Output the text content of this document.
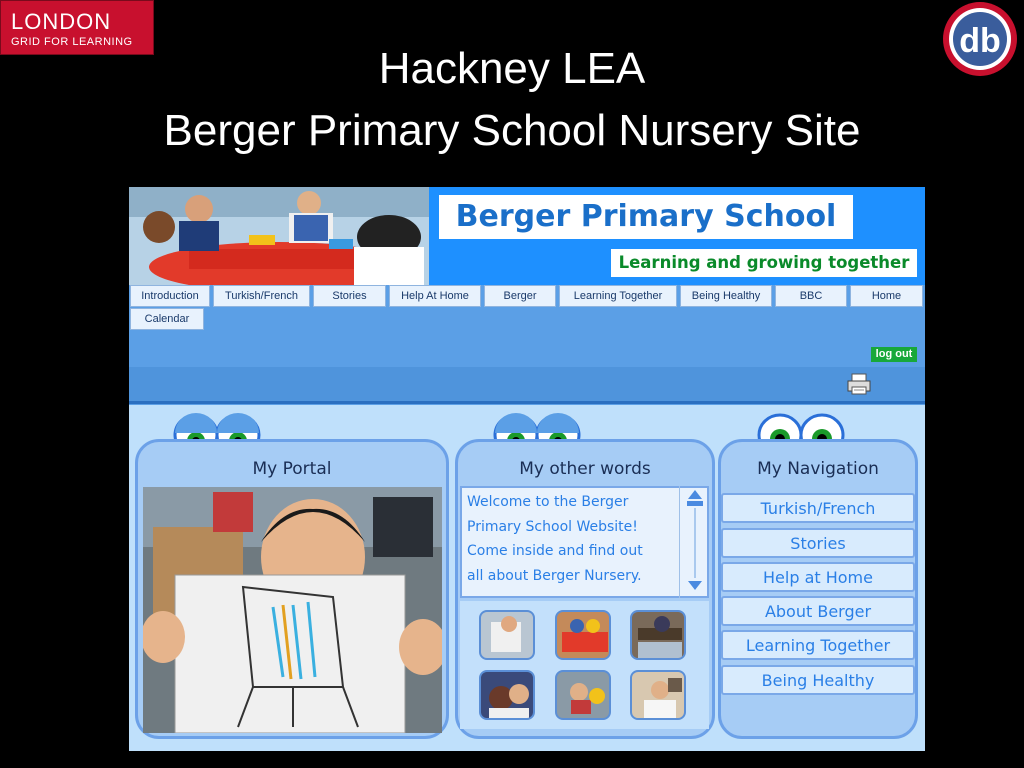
LONDON
GRID FOR LEARNING	db
Hackney LEA
Berger Primary School Nursery Site
Berger Primary School
Learning and growing together
Introduction	Turkish/French	Stories	Help At Home	Berger	Learning Together	Being Healthy	BBC	Home
Calendar
log out
My Portal	My other words
Welcome to the Berger
Primary School Website!
Come inside and find out
all about Berger Nursery.
My Navigation
Turkish/French
Stories
Help at Home
About Berger
Learning Together
Being Healthy
